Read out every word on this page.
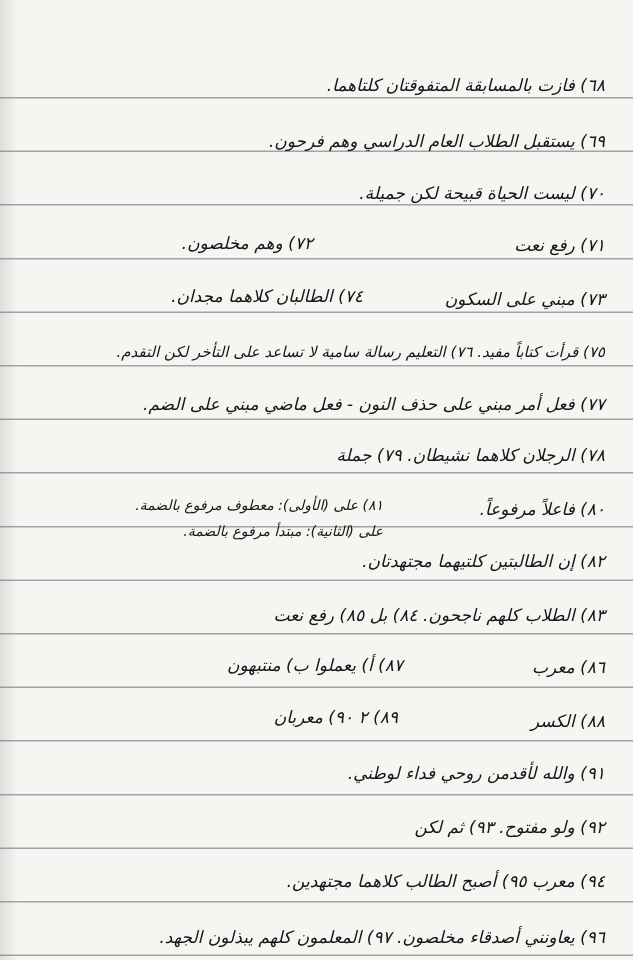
٦٨) فازت بالمسابقة المتفوقتان كلتاهما.
٦٩) يستقبل الطلاب العام الدراسي وهم فرحون.
٧٠) ليست الحياة قبيحة لكن جميلة.
٧١) رفع نعت
٧٢) وهم مخلصون.
٧٣) مبني على السكون
٧٤) الطالبان كلاهما مجدان.
٧٥) قرأت كتاباً مفيد. ٧٦) التعليم رسالة سامية لا تساعد على التأخر لكن التقدم.
٧٧) فعل أمر مبني على حذف النون - فعل ماضي مبني على الضم.
٧٨) الرجلان كلاهما نشيطان. ٧٩) جملة
٨٠) فاعلاً مرفوعاً.
٨١) على (الأولى): معطوف مرفوع بالضمة.
على (الثانية): مبتدأ مرفوع بالضمة.
٨٢) إن الطالبتين كلتيهما مجتهدتان.
٨٣) الطلاب كلهم ناجحون. ٨٤) بل ٨٥) رفع نعت
٨٦) معرب
٨٧) أ) يعملوا ب) منتبهون
٨٨) الكسر
٨٩) ٢ ٩٠) معربان
٩١) والله لأقدمن روحي فداء لوطني.
٩٢) ولو مفتوح. ٩٣) ثم لكن
٩٤) معرب ٩٥) أصبح الطالب كلاهما مجتهدين.
٩٦) يعاونني أصدقاء مخلصون. ٩٧) المعلمون كلهم يبذلون الجهد.
